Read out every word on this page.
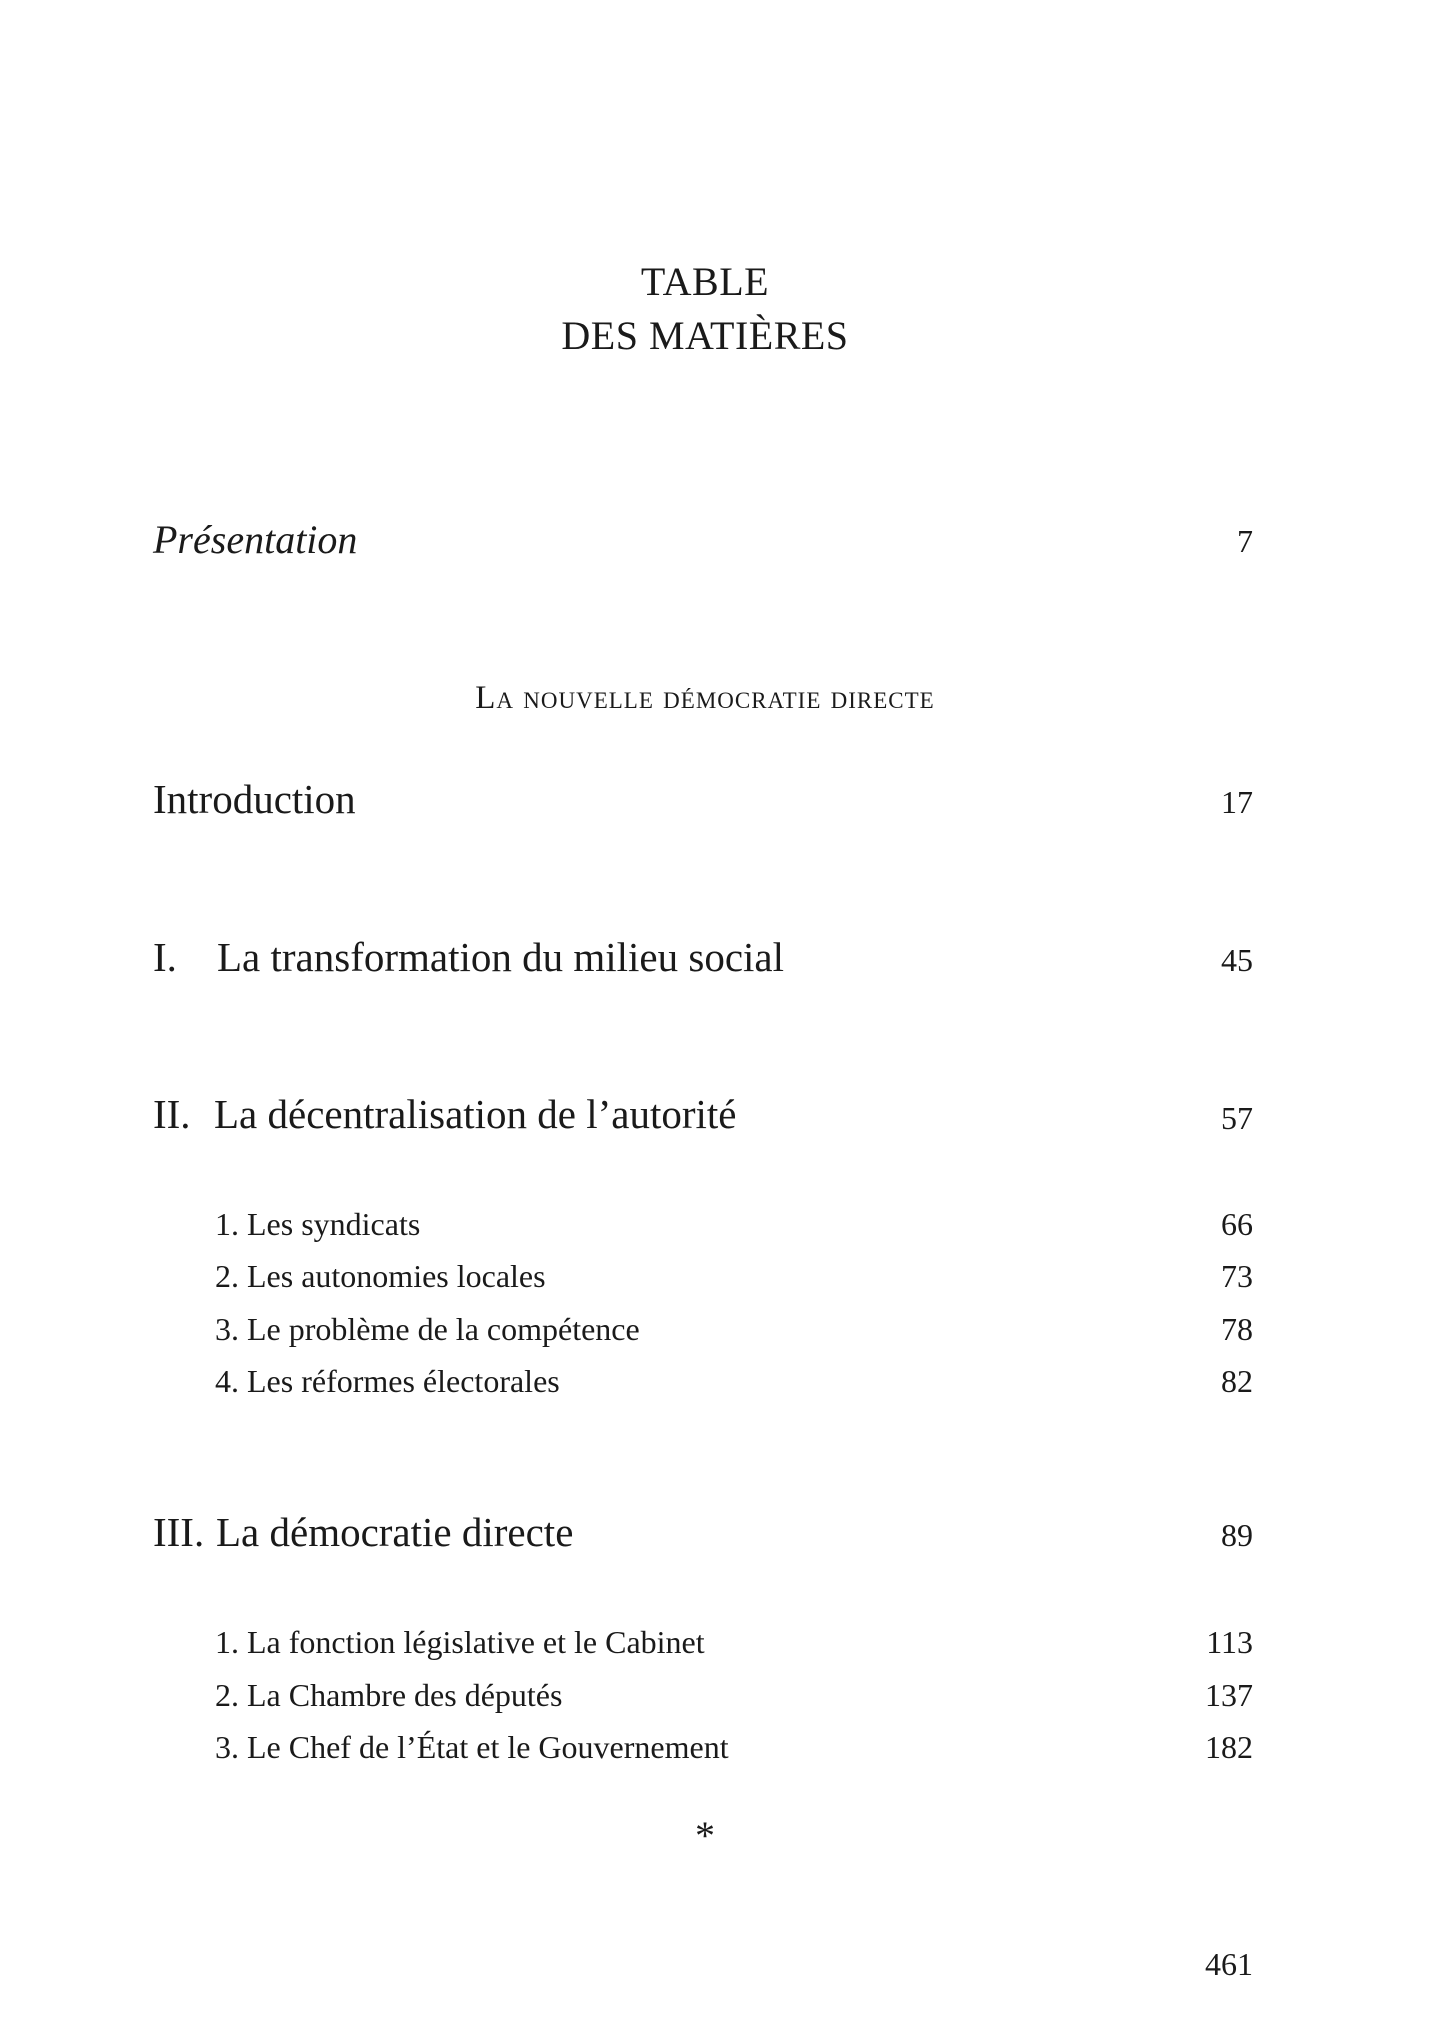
TABLE
DES MATIÈRES
Présentation	7
La nouvelle démocratie directe
Introduction	17
I. La transformation du milieu social	45
II. La décentralisation de l’autorité	57
1. Les syndicats	66
2. Les autonomies locales	73
3. Le problème de la compétence	78
4. Les réformes électorales	82
III. La démocratie directe	89
1. La fonction législative et le Cabinet	113
2. La Chambre des députés	137
3. Le Chef de l’État et le Gouvernement	182
*
461
